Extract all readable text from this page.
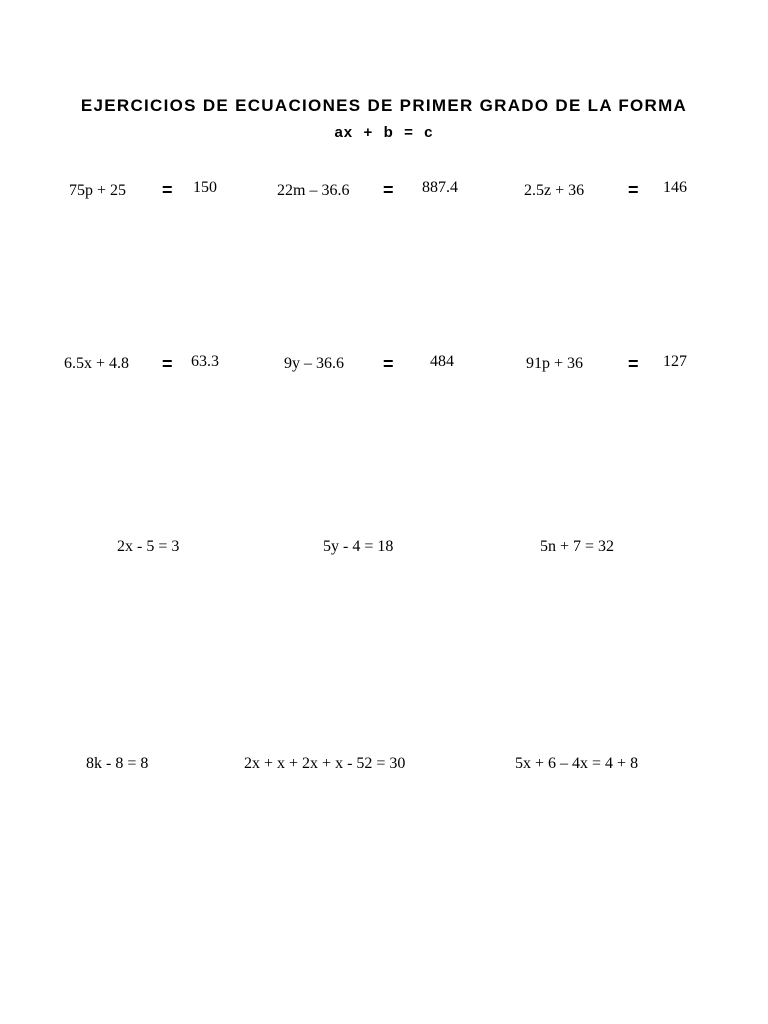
EJERCICIOS DE ECUACIONES DE PRIMER GRADO DE LA FORMA
ax  +  b  =  c
75p + 25 = 150	22m – 36.6 = 887.4	2.5z + 36 = 146
6.5x + 4.8 = 63.3	9y – 36.6 = 484	91p + 36 = 127
2x - 5 = 3	5y - 4 = 18	5n + 7 = 32
8k - 8 = 8	2x + x + 2x + x - 52 = 30	5x + 6 – 4x = 4 + 8
